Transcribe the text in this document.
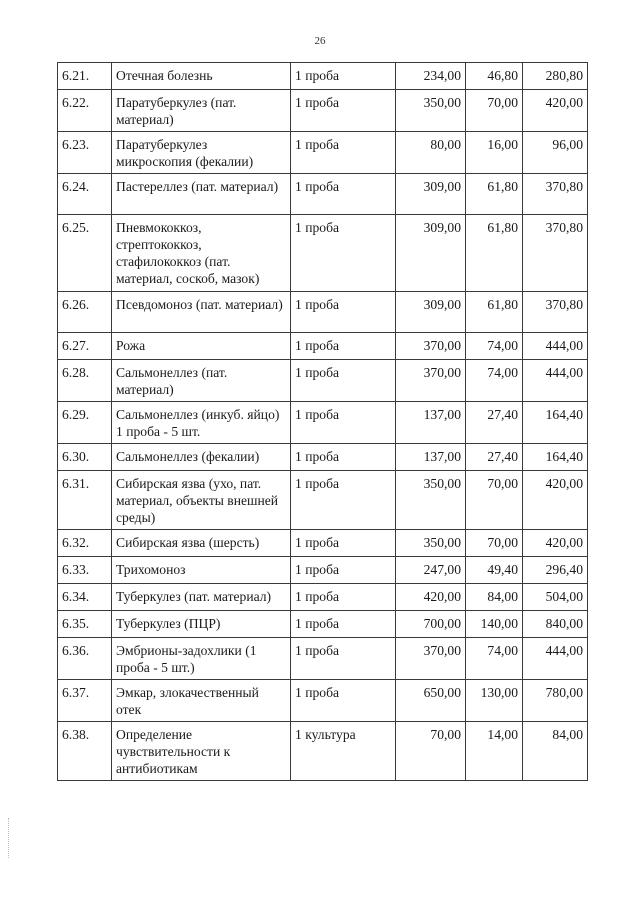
26
6.21.	Отечная болезнь	1 проба	234,00	46,80	280,80
6.22.	Паратуберкулез (пат. материал)	1 проба	350,00	70,00	420,00
6.23.	Паратуберкулез микроскопия (фекалии)	1 проба	80,00	16,00	96,00
6.24.	Пастереллез (пат. материал)	1 проба	309,00	61,80	370,80
6.25.	Пневмококкоз, стрептококкоз, стафилококкоз (пат. материал, соскоб, мазок)	1 проба	309,00	61,80	370,80
6.26.	Псевдомоноз (пат. материал)	1 проба	309,00	61,80	370,80
6.27.	Рожа	1 проба	370,00	74,00	444,00
6.28.	Сальмонеллез (пат. материал)	1 проба	370,00	74,00	444,00
6.29.	Сальмонеллез (инкуб. яйцо) 1 проба - 5 шт.	1 проба	137,00	27,40	164,40
6.30.	Сальмонеллез (фекалии)	1 проба	137,00	27,40	164,40
6.31.	Сибирская язва (ухо, пат. материал, объекты внешней среды)	1 проба	350,00	70,00	420,00
6.32.	Сибирская язва (шерсть)	1 проба	350,00	70,00	420,00
6.33.	Трихомоноз	1 проба	247,00	49,40	296,40
6.34.	Туберкулез (пат. материал)	1 проба	420,00	84,00	504,00
6.35.	Туберкулез (ПЦР)	1 проба	700,00	140,00	840,00
6.36.	Эмбрионы-задохлики (1 проба - 5 шт.)	1 проба	370,00	74,00	444,00
6.37.	Эмкар, злокачественный отек	1 проба	650,00	130,00	780,00
6.38.	Определение чувствительности к антибиотикам	1 культура	70,00	14,00	84,00
